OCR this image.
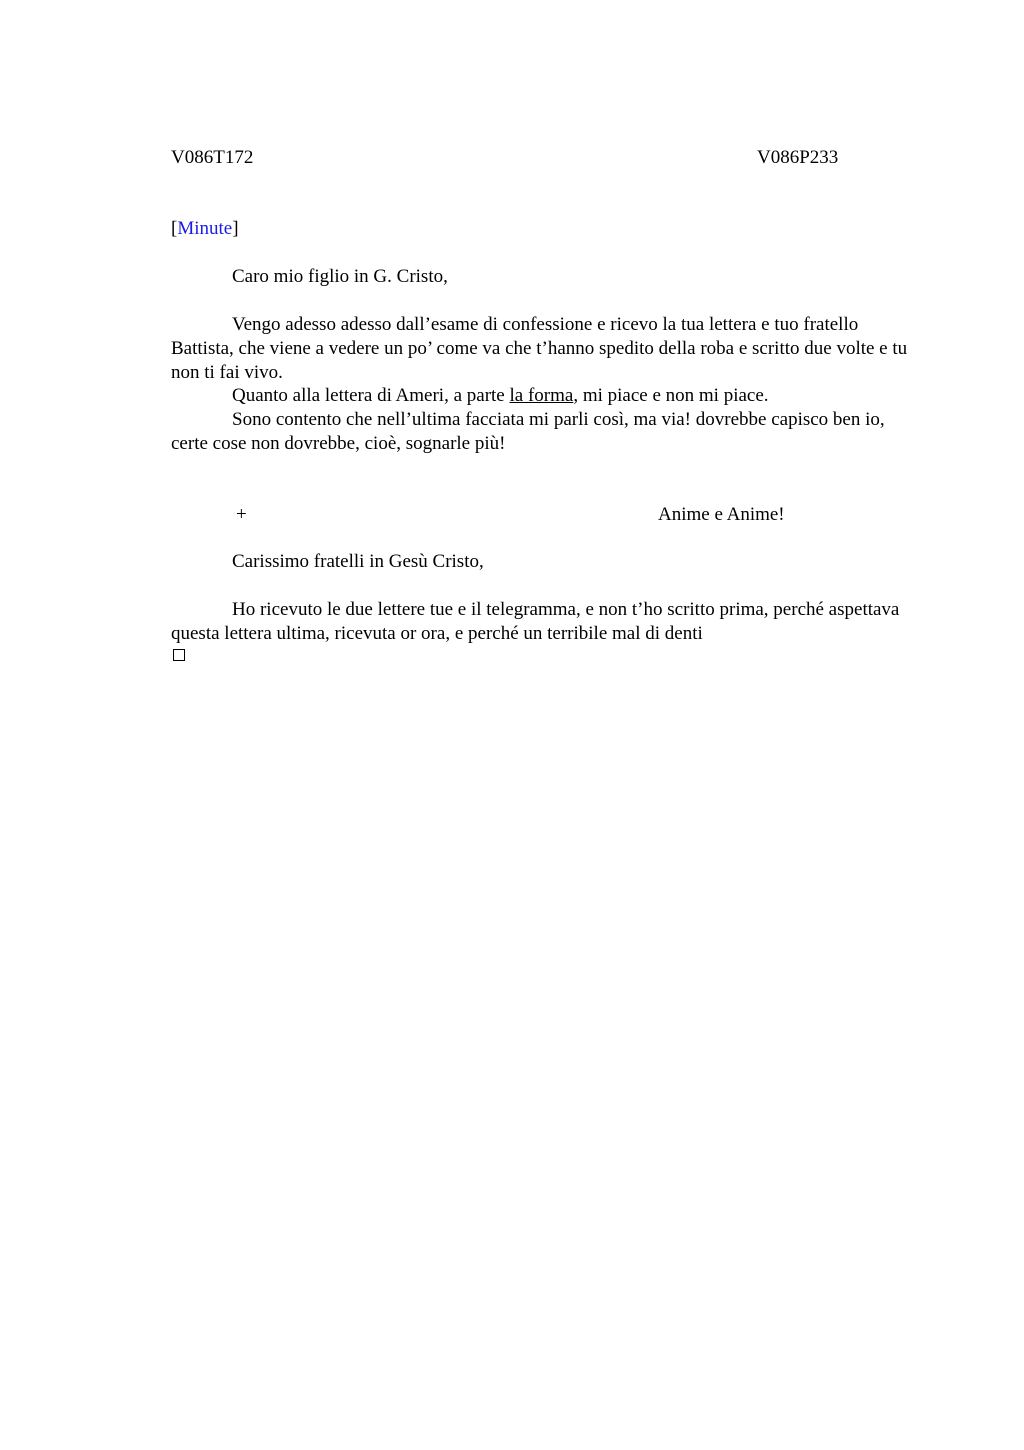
V086T172	V086P233
[Minute]
Caro mio figlio in G. Cristo,
Vengo adesso adesso dall’esame di confessione e ricevo la tua lettera e tuo fratello Battista, che viene a vedere un po’ come va che t’hanno spedito della roba e scritto due volte e tu non ti fai vivo.
Quanto alla lettera di Ameri, a parte la forma, mi piace e non mi piace.
Sono contento che nell’ultima facciata mi parli così, ma via! dovrebbe capisco ben io, certe cose non dovrebbe, cioè, sognarle più!
+	Anime e Anime!
Carissimo fratelli in Gesù Cristo,
Ho ricevuto le due lettere tue e il telegramma, e non t’ho scritto prima, perché aspettava questa lettera ultima, ricevuta or ora, e perché un terribile mal di denti
